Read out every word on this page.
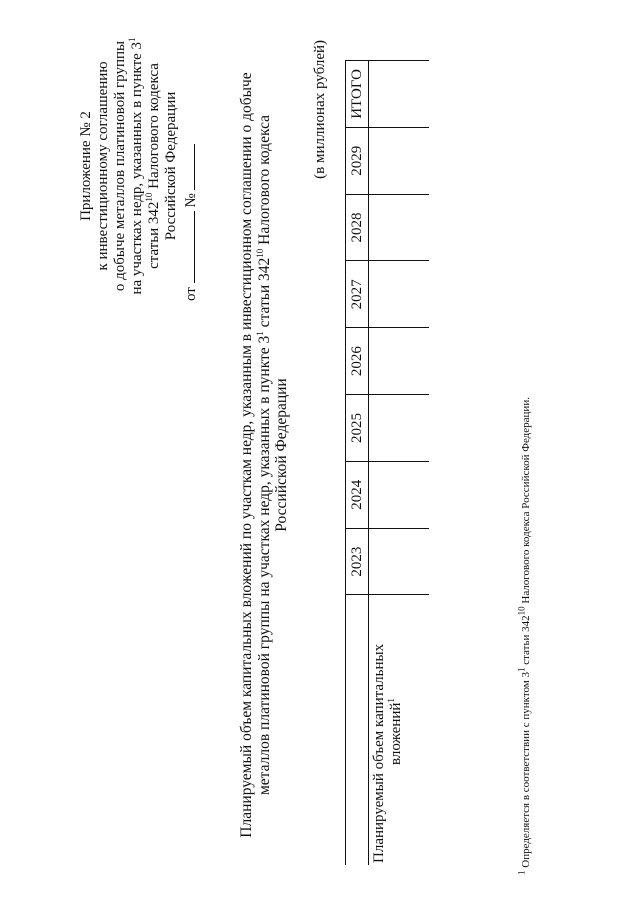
Приложение № 2 к инвестиционному соглашению о добыче металлов платиновой группы на участках недр, указанных в пункте $3^1$
статьи $342^{10}$ Налогового кодекса Российской Федерации
от  №	Планируемый объем капитальных вложений по участкам недр, указанным в инвестиционном соглашении о добыче металлов платиновой группы на участках недр, указанных в пункте $3^1$ статьи $342^{10}$ Налогового кодекса
Российской Федерации
(в миллионах рублей)
	2023	2024	2025	2026	2027	2028	2029	ИТОГО
Планируемый объем капитальных вложений$^1$

$^1$ Определяется в соответствии с пунктом $3^1$ статьи $342^{10}$ Налогового кодекса Российской Федерации.
